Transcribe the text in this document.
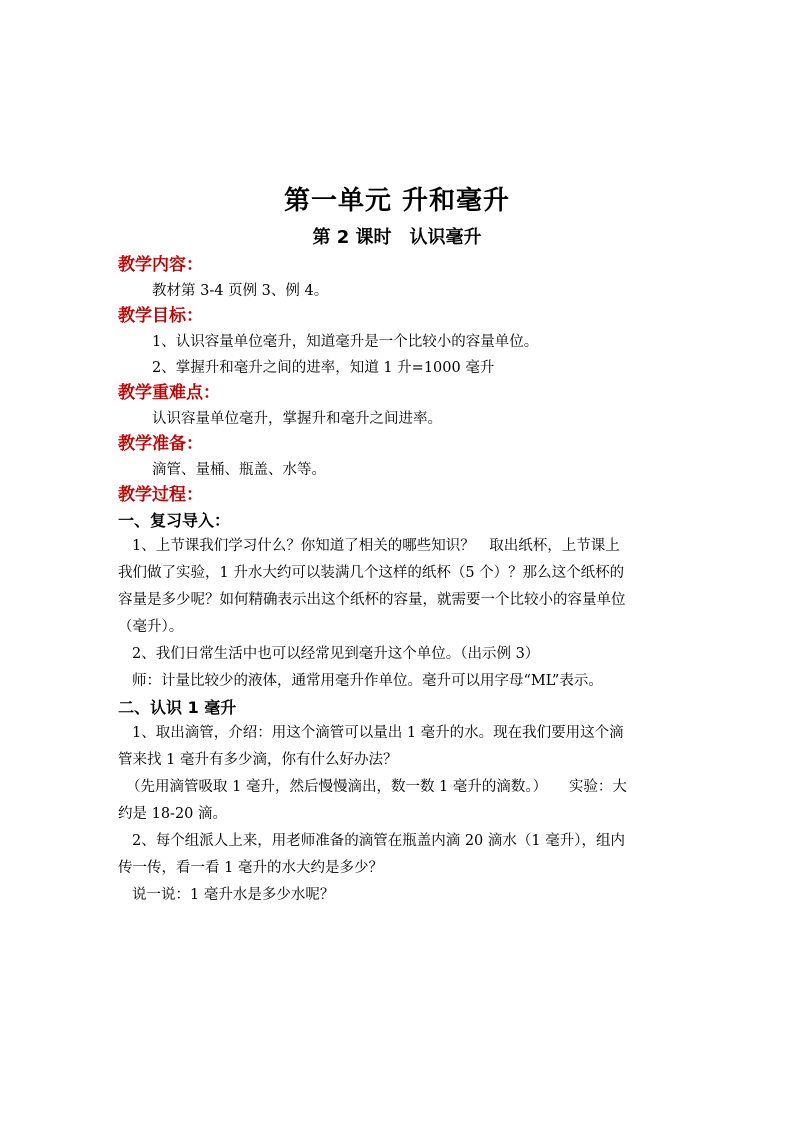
第一单元 升和毫升
第 2 课时　认识毫升

教学内容：

教材第 3-4 页例 3、例 4。

教学目标：

1、认识容量单位毫升，知道毫升是一个比较小的容量单位。

2、掌握升和毫升之间的进率，知道 1 升=1000 毫升

教学重难点：

认识容量单位毫升，掌握升和毫升之间进率。

教学准备：

滴管、量桶、瓶盖、水等。

教学过程：

一、复习导入：

1、上节课我们学习什么？你知道了相关的哪些知识？　取出纸杯，上节课上

我们做了实验，1 升水大约可以装满几个这样的纸杯（5 个）？那么这个纸杯的

容量是多少呢？如何精确表示出这个纸杯的容量，就需要一个比较小的容量单位

（毫升）。

2、我们日常生活中也可以经常见到毫升这个单位。（出示例 3）

师：计量比较少的液体，通常用毫升作单位。毫升可以用字母“ML”表示。

二、认识 1 毫升

1、取出滴管，介绍：用这个滴管可以量出 1 毫升的水。现在我们要用这个滴

管来找 1 毫升有多少滴，你有什么好办法？

（先用滴管吸取 1 毫升，然后慢慢滴出，数一数 1 毫升的滴数。）　　实验：大

约是 18-20 滴。

2、每个组派人上来，用老师准备的滴管在瓶盖内滴 20 滴水（1 毫升），组内

传一传，看一看 1 毫升的水大约是多少？

说一说：1 毫升水是多少水呢？
